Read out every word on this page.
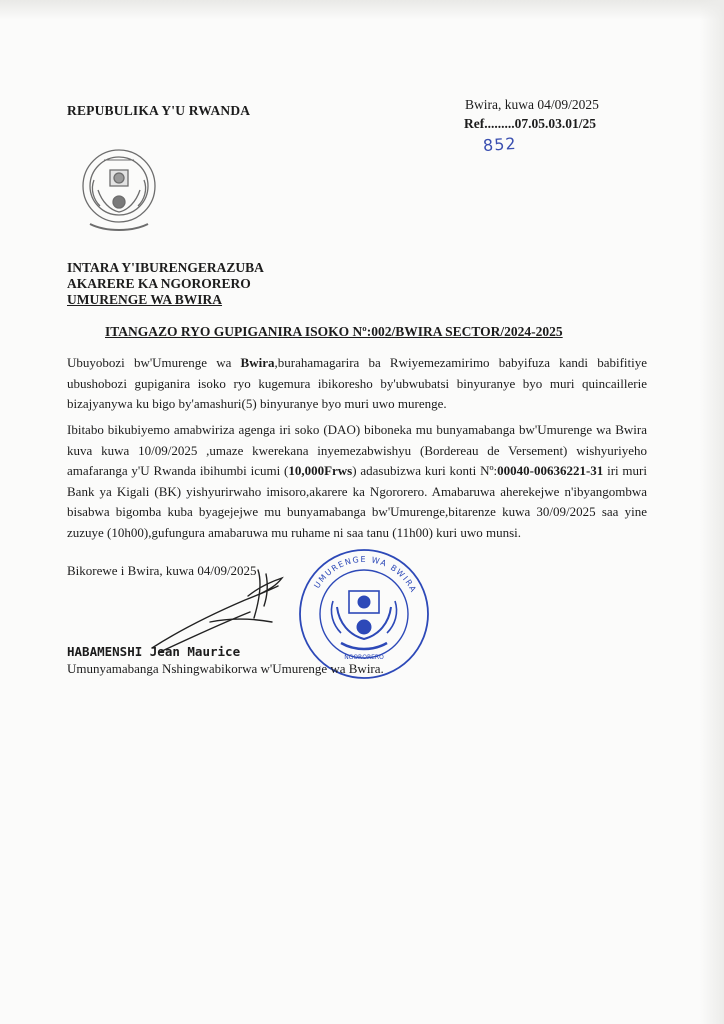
REPUBULIKA Y'U RWANDA	Bwira, kuwa 04/09/2025
Ref.........07.05.03.01/25
852
INTARA Y'IBURENGERAZUBA
AKARERE KA NGORORERO
UMURENGE WA BWIRA
ITANGAZO RYO GUPIGANIRA ISOKO Nº:002/BWIRA SECTOR/2024-2025
Ubuyobozi bw'Umurenge wa Bwira,burahamagarira ba Rwiyemezamirimo babyifuza kandi babifitiye ubushobozi gupiganira isoko ryo kugemura ibikoresho by'ubwubatsi binyuranye byo muri quincaillerie bizajyanywa ku bigo by'amashuri(5) binyuranye byo muri uwo murenge.
Ibitabo bikubiyemo amabwiriza agenga iri soko (DAO) biboneka mu bunyamabanga bw'Umurenge wa Bwira kuva kuwa 10/09/2025 ,umaze kwerekana inyemezabwishyu (Bordereau de Versement) wishyuriyeho amafaranga y'U Rwanda ibihumbi icumi (10,000Frws) adasubizwa kuri konti Nº:00040-00636221-31 iri muri Bank ya Kigali (BK) yishyurirwaho imisoro,akarere ka Ngororero. Amabaruwa aherekejwe n'ibyangombwa bisabwa bigomba kuba byagejejwe mu bunyamabanga bw'Umurenge,bitarenze kuwa 30/09/2025 saa yine zuzuye (10h00),gufungura amabaruwa mu ruhame ni saa tanu (11h00) kuri uwo munsi.
Bikorewe i Bwira, kuwa 04/09/2025
UMURENGE WA BWIRA
NGORORERO
HABAMENSHI Jean Maurice
Umunyamabanga Nshingwabikorwa w'Umurenge wa Bwira.
